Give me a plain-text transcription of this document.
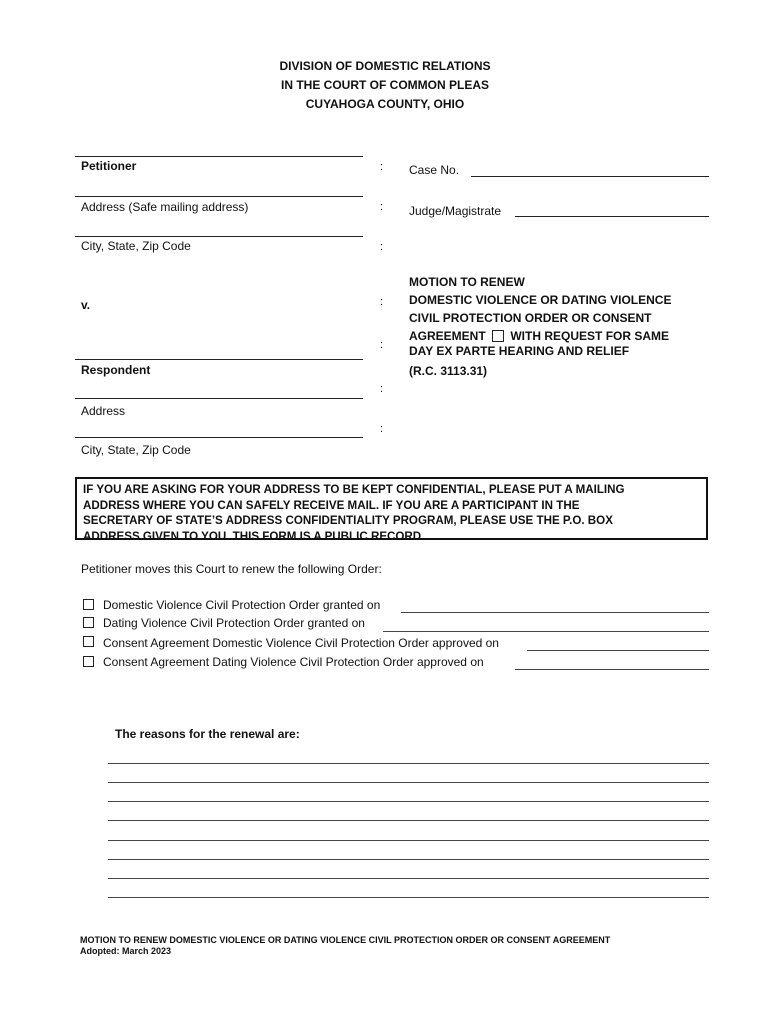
DIVISION OF DOMESTIC RELATIONS
IN THE COURT OF COMMON PLEAS
CUYAHOGA COUNTY, OHIO
Petitioner
Address (Safe mailing address)
City, State, Zip Code
v.
Respondent
Address
City, State, Zip Code
:
:
:
:
:
:
:
Case No.
Judge/Magistrate
MOTION TO RENEW
DOMESTIC VIOLENCE OR DATING VIOLENCE
CIVIL PROTECTION ORDER OR CONSENT
AGREEMENT WITH REQUEST FOR SAME
DAY EX PARTE HEARING AND RELIEF
(R.C. 3113.31)
IF YOU ARE ASKING FOR YOUR ADDRESS TO BE KEPT CONFIDENTIAL, PLEASE PUT A MAILING
ADDRESS WHERE YOU CAN SAFELY RECEIVE MAIL. IF YOU ARE A PARTICIPANT IN THE
SECRETARY OF STATE’S ADDRESS CONFIDENTIALITY PROGRAM, PLEASE USE THE P.O. BOX
ADDRESS GIVEN TO YOU. THIS FORM IS A PUBLIC RECORD.
Petitioner moves this Court to renew the following Order:
Domestic Violence Civil Protection Order granted on
Dating Violence Civil Protection Order granted on
Consent Agreement Domestic Violence Civil Protection Order approved on
Consent Agreement Dating Violence Civil Protection Order approved on
The reasons for the renewal are:
MOTION TO RENEW DOMESTIC VIOLENCE OR DATING VIOLENCE CIVIL PROTECTION ORDER OR CONSENT AGREEMENT
Adopted: March 2023
